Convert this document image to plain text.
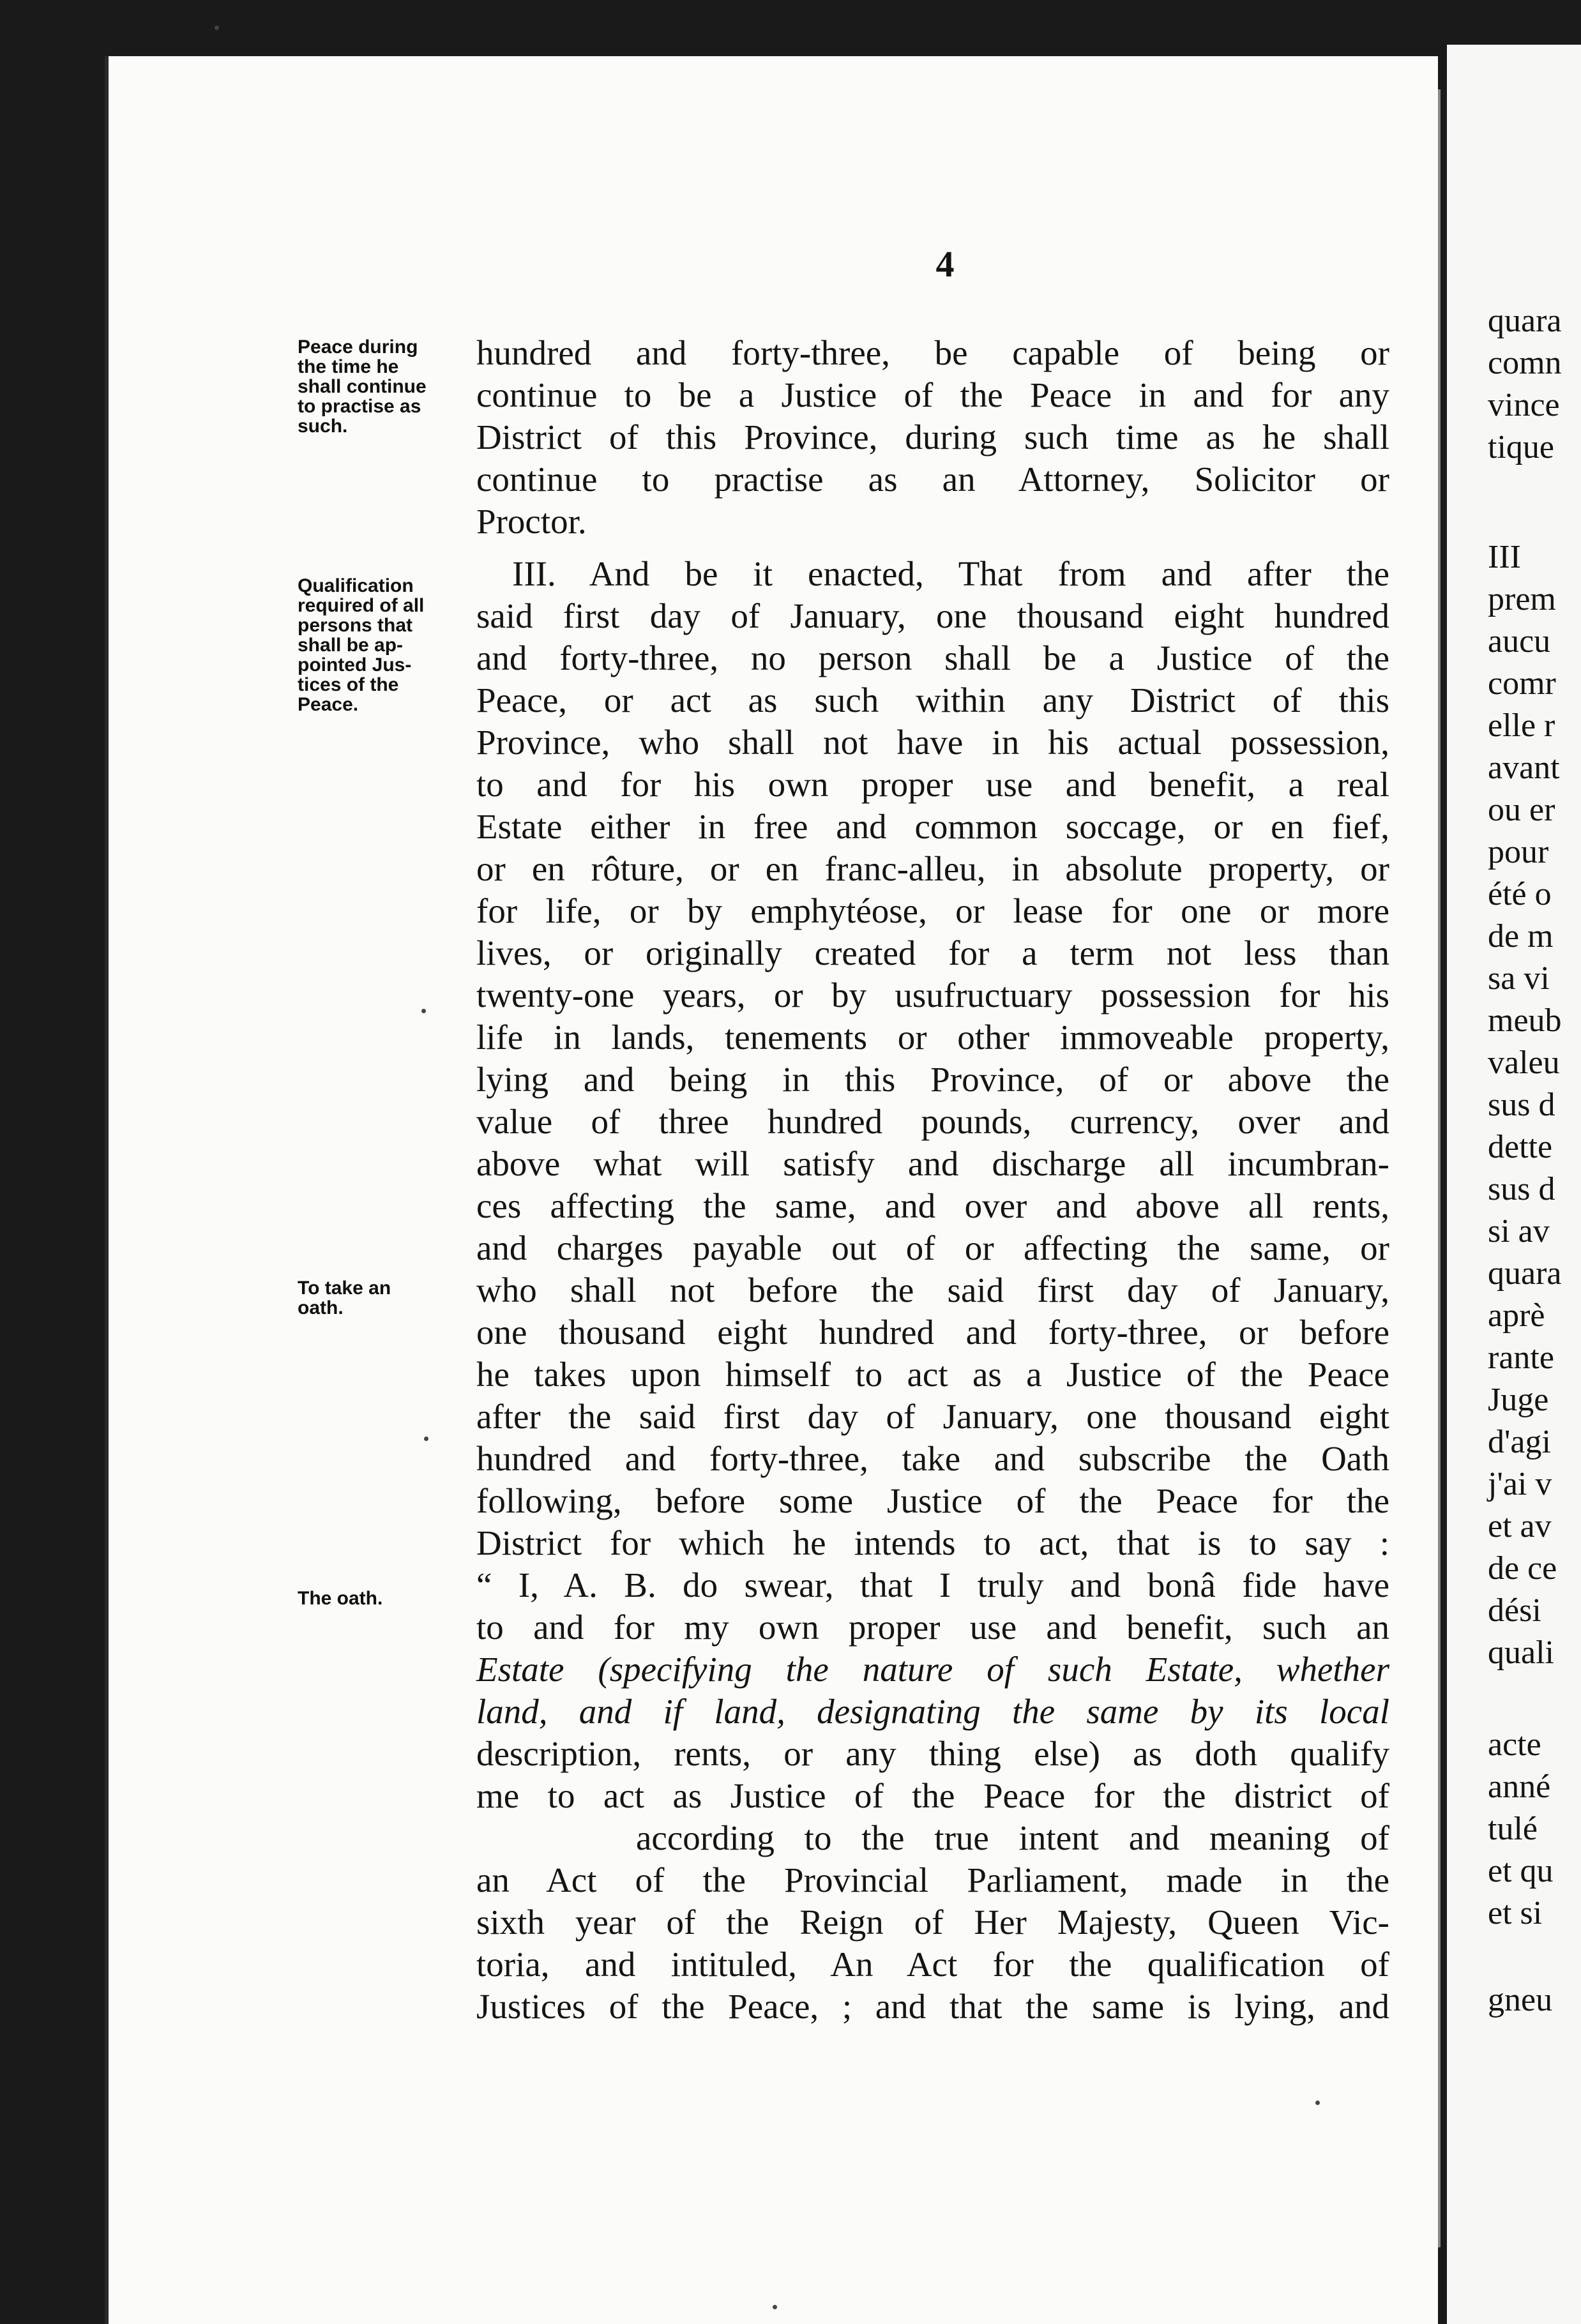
4
Peace during
the time he
shall continue
to practise as
such.
Qualification
required of all
persons that
shall be ap-
pointed Jus-
tices of the
Peace.
To take an
oath.
The oath.
hundred and forty-three, be capable of being or
continue to be a Justice of the Peace in and for any
District of this Province, during such time as he shall
continue to practise as an Attorney, Solicitor or
Proctor.
III. And be it enacted, That from and after the
said first day of January, one thousand eight hundred
and forty-three, no person shall be a Justice of the
Peace, or act as such within any District of this
Province, who shall not have in his actual possession,
to and for his own proper use and benefit, a real
Estate either in free and common soccage, or en fief,
or en rôture, or en franc-alleu, in absolute property, or
for life, or by emphytéose, or lease for one or more
lives, or originally created for a term not less than
twenty-one years, or by usufructuary possession for his
life in lands, tenements or other immoveable property,
lying and being in this Province, of or above the
value of three hundred pounds, currency, over and
above what will satisfy and discharge all incumbran-
ces affecting the same, and over and above all rents,
and charges payable out of or affecting the same, or
who shall not before the said first day of January,
one thousand eight hundred and forty-three, or before
he takes upon himself to act as a Justice of the Peace
after the said first day of January, one thousand eight
hundred and forty-three, take and subscribe the Oath
following, before some Justice of the Peace for the
District for which he intends to act, that is to say :
“ I, A. B. do swear, that I truly and bonâ fide have
to and for my own proper use and benefit, such an
Estate (specifying the nature of such Estate, whether
land, and if land, designating the same by its local
description, rents, or any thing else) as doth qualify
me to act as Justice of the Peace for the district of
according to the true intent and meaning of
an Act of the Provincial Parliament, made in the
sixth year of the Reign of Her Majesty, Queen Vic-
toria, and intituled, An Act for the qualification of
Justices of the Peace, ; and that the same is lying, and
quara
comn
vince
tique
III
prem
aucu
comr
elle r
avant
ou er
pour
été o
de m
sa vi
meub
valeu
sus d
dette
sus d
si av
quara
aprè
rante
Juge
d'agi
j'ai v
et av
de ce
dési
quali
acte
anné
tulé
et qu
et si
gneu
